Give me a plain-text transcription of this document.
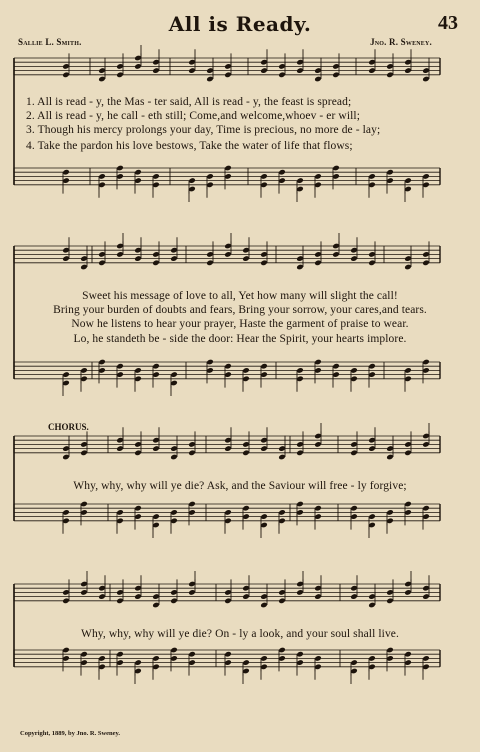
All is Ready.	43
Sallie L. Smith.	Jno. R. Sweney.
1. All is read - y, the Mas - ter said, All is read - y, the feast is spread;
2. All is read - y, he call - eth still; Come,and welcome,whoev - er will;
3. Though his mercy prolongs your day, Time is precious, no more de - lay;
4. Take the pardon his love bestows, Take the water of life that flows;
Sweet his message of love to all, Yet how many will slight the call!
Bring your burden of doubts and fears, Bring your sorrow, your cares,and tears.
Now he listens to hear your prayer, Haste the garment of praise to wear.
Lo, he standeth be - side the door: Hear the Spirit, your hearts implore.
CHORUS.
Why, why, why will ye die? Ask, and the Saviour will free - ly forgive;
Why, why, why will ye die? On - ly a look, and your soul shall live.
Copyright, 1889, by Jno. R. Sweney.
